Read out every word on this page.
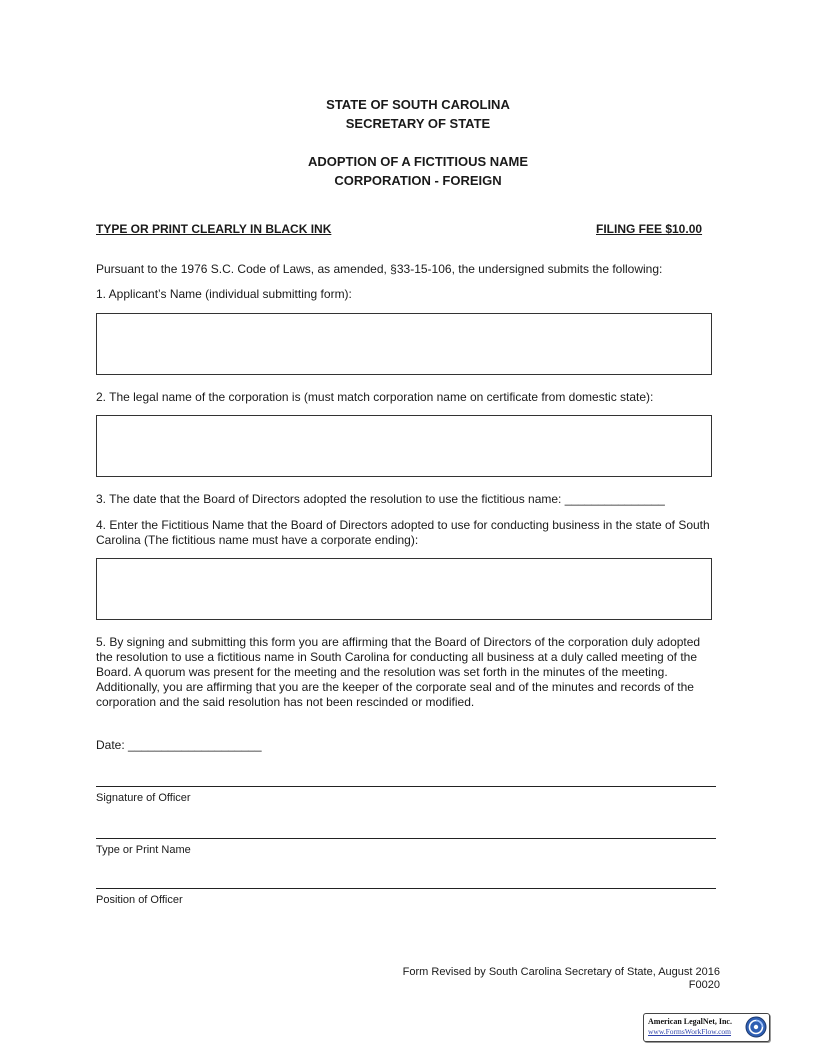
STATE OF SOUTH CAROLINA
SECRETARY OF STATE
ADOPTION OF A FICTITIOUS NAME
CORPORATION - FOREIGN
TYPE OR PRINT CLEARLY IN BLACK INK	FILING FEE $10.00
Pursuant to the 1976 S.C. Code of Laws, as amended, §33-15-106, the undersigned submits the following:
1. Applicant’s Name (individual submitting form):
2. The legal name of the corporation is (must match corporation name on certificate from domestic state):
3. The date that the Board of Directors adopted the resolution to use the fictitious name: _______________
4. Enter the Fictitious Name that the Board of Directors adopted to use for conducting business in the state of South
Carolina (The fictitious name must have a corporate ending):
5. By signing and submitting this form you are affirming that the Board of Directors of the corporation duly adopted
the resolution to use a fictitious name in South Carolina for conducting all business at a duly called meeting of the
Board. A quorum was present for the meeting and the resolution was set forth in the minutes of the meeting.
Additionally, you are affirming that you are the keeper of the corporate seal and of the minutes and records of the
corporation and the said resolution has not been rescinded or modified.
Date: ____________________
Signature of Officer
Type or Print Name
Position of Officer
Form Revised by South Carolina Secretary of State, August 2016
F0020
American LegalNet, Inc.
www.FormsWorkFlow.com
